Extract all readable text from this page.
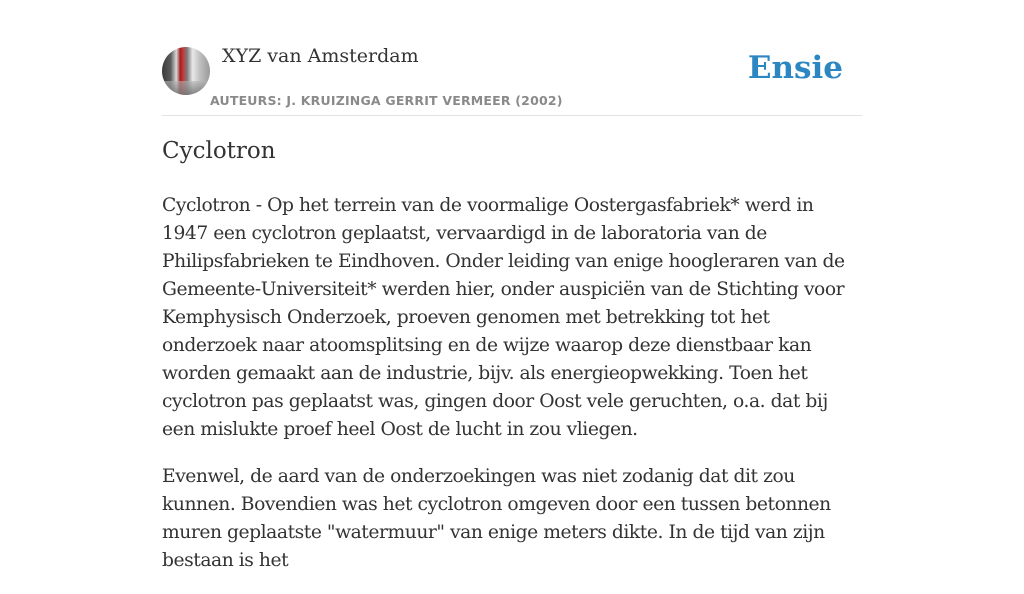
XYZ van Amsterdam
AUTEURS: J. KRUIZINGA GERRIT VERMEER (2002)
Ensie
Cyclotron

Cyclotron - Op het terrein van de voormalige Oostergasfabriek* werd in 1947 een cyclotron geplaatst, vervaardigd in de laboratoria van de Philipsfabrieken te Eindhoven. Onder leiding van enige hoogleraren van de Gemeente-Universiteit* werden hier, onder auspiciën van de Stichting voor Kemphysisch Onderzoek, proeven genomen met betrekking tot het onderzoek naar atoomsplitsing en de wijze waarop deze dienstbaar kan worden gemaakt aan de industrie, bijv. als energieopwekking. Toen het cyclotron pas geplaatst was, gingen door Oost vele geruchten, o.a. dat bij een mislukte proef heel Oost de lucht in zou vliegen.

Evenwel, de aard van de onderzoekingen was niet zodanig dat dit zou kunnen. Bovendien was het cyclotron omgeven door een tussen betonnen muren geplaatste "watermuur" van enige meters dikte. In de tijd van zijn bestaan is het
